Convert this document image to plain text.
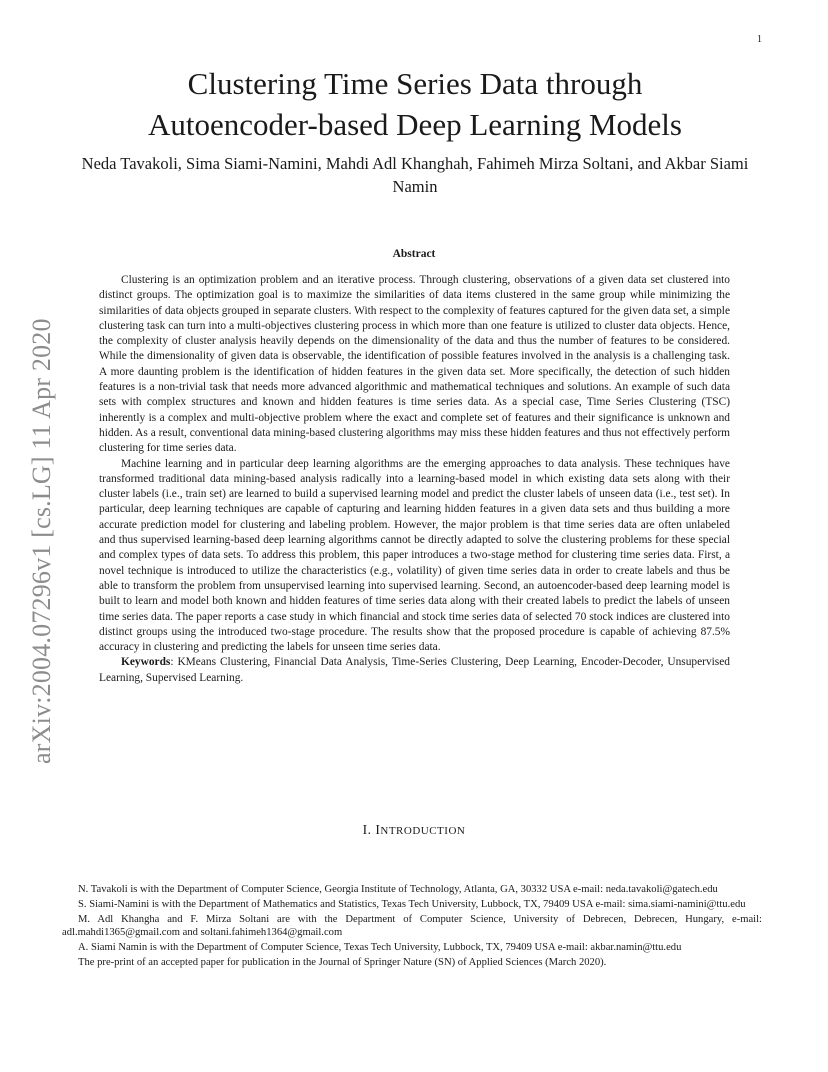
1
arXiv:2004.07296v1 [cs.LG] 11 Apr 2020
Clustering Time Series Data through Autoencoder-based Deep Learning Models
Neda Tavakoli, Sima Siami-Namini, Mahdi Adl Khanghah, Fahimeh Mirza Soltani, and Akbar Siami Namin
Abstract

Clustering is an optimization problem and an iterative process. Through clustering, observations of a given data set clustered into distinct groups. The optimization goal is to maximize the similarities of data items clustered in the same group while minimizing the similarities of data objects grouped in separate clusters. With respect to the complexity of features captured for the given data set, a simple clustering task can turn into a multi-objectives clustering process in which more than one feature is utilized to cluster data objects. Hence, the complexity of cluster analysis heavily depends on the dimensionality of the data and thus the number of features to be considered. While the dimensionality of given data is observable, the identification of possible features involved in the analysis is a challenging task. A more daunting problem is the identification of hidden features in the given data set. More specifically, the detection of such hidden features is a non-trivial task that needs more advanced algorithmic and mathematical techniques and solutions. An example of such data sets with complex structures and known and hidden features is time series data. As a special case, Time Series Clustering (TSC) inherently is a complex and multi-objective problem where the exact and complete set of features and their significance is unknown and hidden. As a result, conventional data mining-based clustering algorithms may miss these hidden features and thus not effectively perform clustering for time series data.

Machine learning and in particular deep learning algorithms are the emerging approaches to data analysis. These techniques have transformed traditional data mining-based analysis radically into a learning-based model in which existing data sets along with their cluster labels (i.e., train set) are learned to build a supervised learning model and predict the cluster labels of unseen data (i.e., test set). In particular, deep learning techniques are capable of capturing and learning hidden features in a given data sets and thus building a more accurate prediction model for clustering and labeling problem. However, the major problem is that time series data are often unlabeled and thus supervised learning-based deep learning algorithms cannot be directly adapted to solve the clustering problems for these special and complex types of data sets. To address this problem, this paper introduces a two-stage method for clustering time series data. First, a novel technique is introduced to utilize the characteristics (e.g., volatility) of given time series data in order to create labels and thus be able to transform the problem from unsupervised learning into supervised learning. Second, an autoencoder-based deep learning model is built to learn and model both known and hidden features of time series data along with their created labels to predict the labels of unseen time series data. The paper reports a case study in which financial and stock time series data of selected 70 stock indices are clustered into distinct groups using the introduced two-stage procedure. The results show that the proposed procedure is capable of achieving 87.5% accuracy in clustering and predicting the labels for unseen time series data.

Keywords: KMeans Clustering, Financial Data Analysis, Time-Series Clustering, Deep Learning, Encoder-Decoder, Unsupervised Learning, Supervised Learning.

I. INTRODUCTION

N. Tavakoli is with the Department of Computer Science, Georgia Institute of Technology, Atlanta, GA, 30332 USA e-mail: neda.tavakoli@gatech.edu

S. Siami-Namini is with the Department of Mathematics and Statistics, Texas Tech University, Lubbock, TX, 79409 USA e-mail: sima.siami-namini@ttu.edu

M. Adl Khangha and F. Mirza Soltani are with the Department of Computer Science, University of Debrecen, Debrecen, Hungary, e-mail: adl.mahdi1365@gmail.com and soltani.fahimeh1364@gmail.com

A. Siami Namin is with the Department of Computer Science, Texas Tech University, Lubbock, TX, 79409 USA e-mail: akbar.namin@ttu.edu

The pre-print of an accepted paper for publication in the Journal of Springer Nature (SN) of Applied Sciences (March 2020).
